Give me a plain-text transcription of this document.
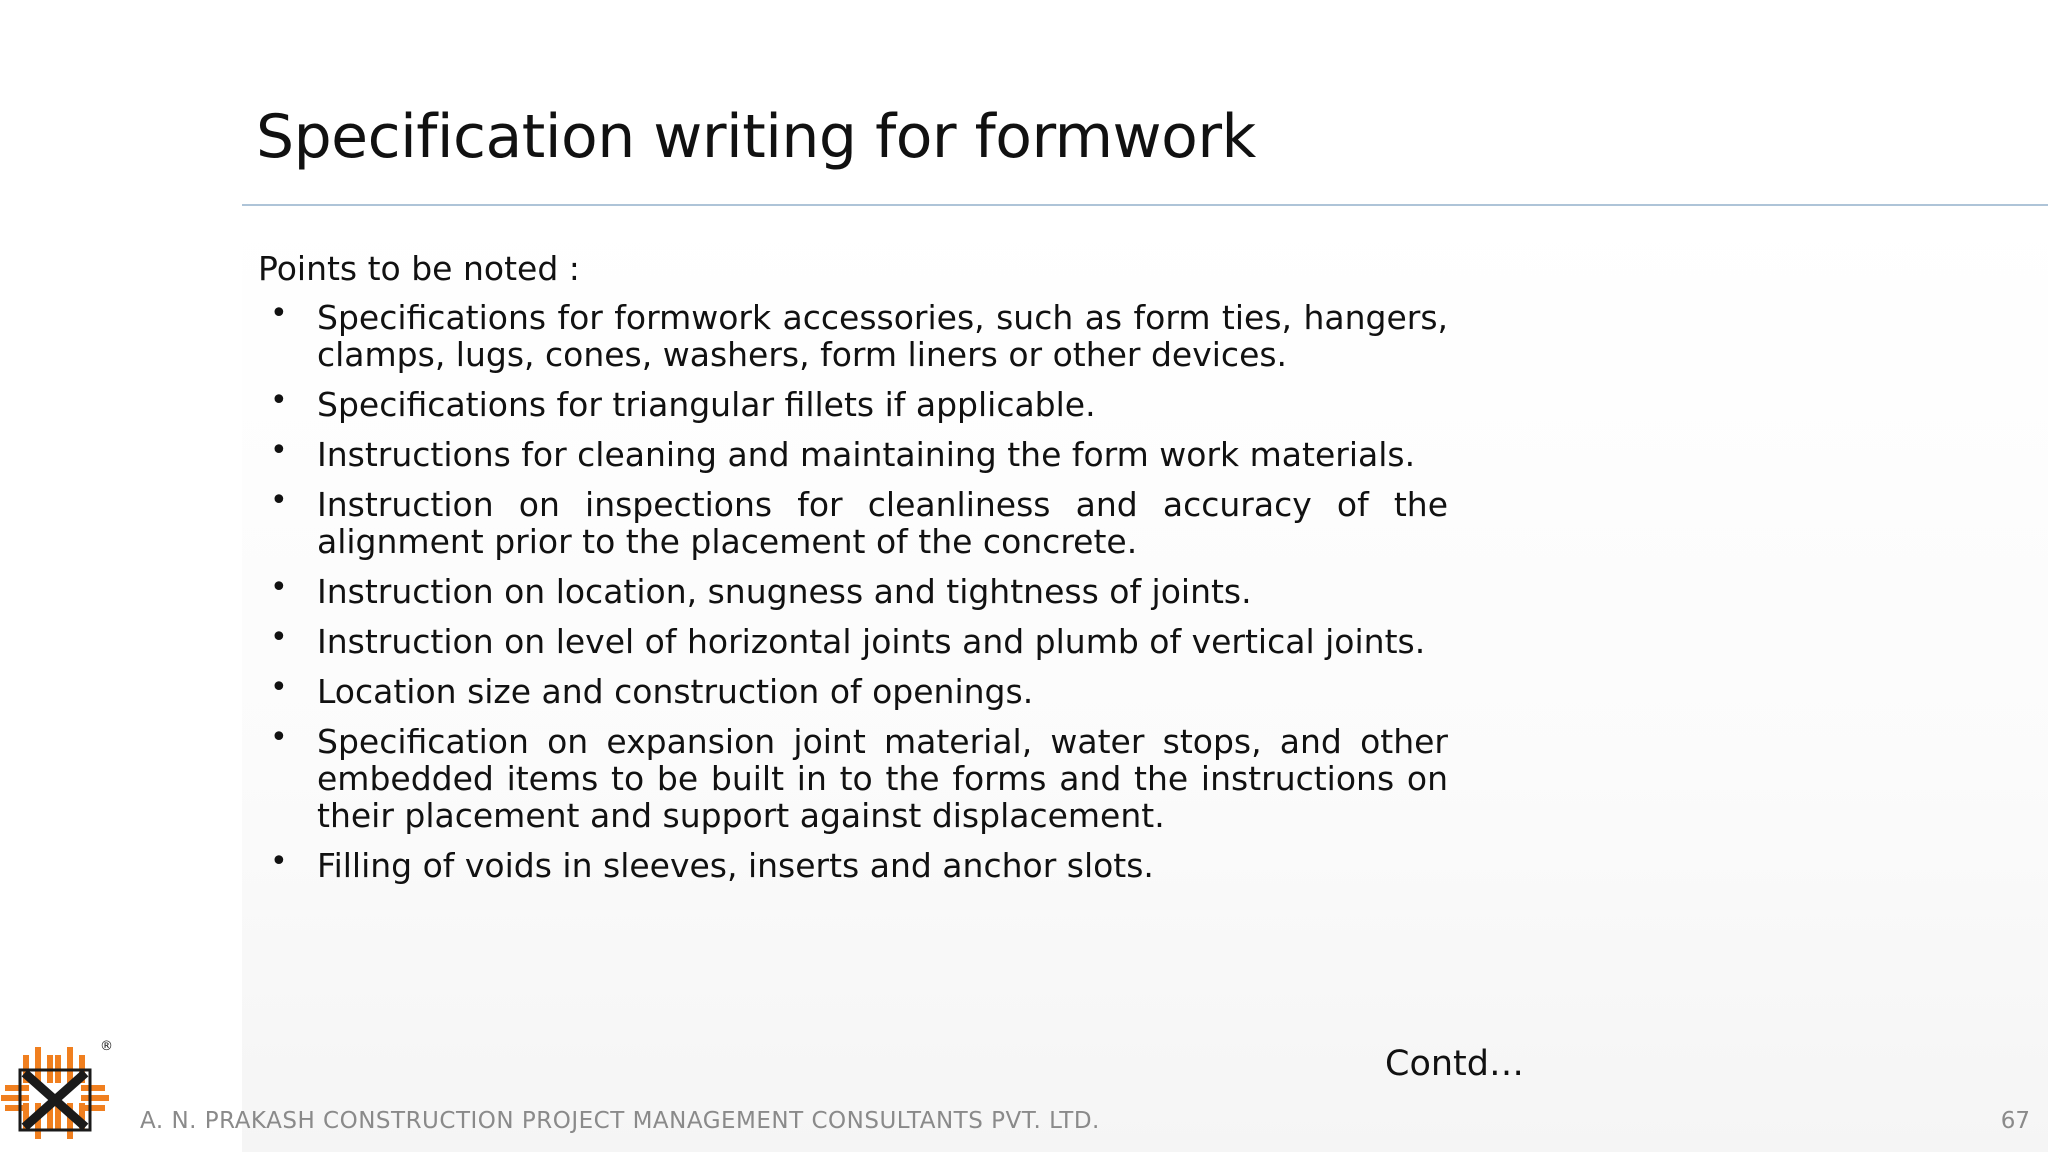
Specification writing for formwork

Points to be noted :

• Specifications for formwork accessories, such as form ties, hangers, clamps, lugs, cones, washers, form liners or other devices.
• Specifications for triangular fillets if applicable.
• Instructions for cleaning and maintaining the form work materials.
• Instruction on inspections for cleanliness and accuracy of the alignment prior to the placement of the concrete.
• Instruction on location, snugness and tightness of joints.
• Instruction on level of horizontal joints and plumb of vertical joints.
• Location size and construction of openings.
• Specification on expansion joint material, water stops, and other embedded items to be built in to the forms and the instructions on their placement and support against displacement.
• Filling of voids in sleeves, inserts and anchor slots.
Contd…
®
A. N. PRAKASH CONSTRUCTION PROJECT MANAGEMENT CONSULTANTS PVT. LTD.	67
